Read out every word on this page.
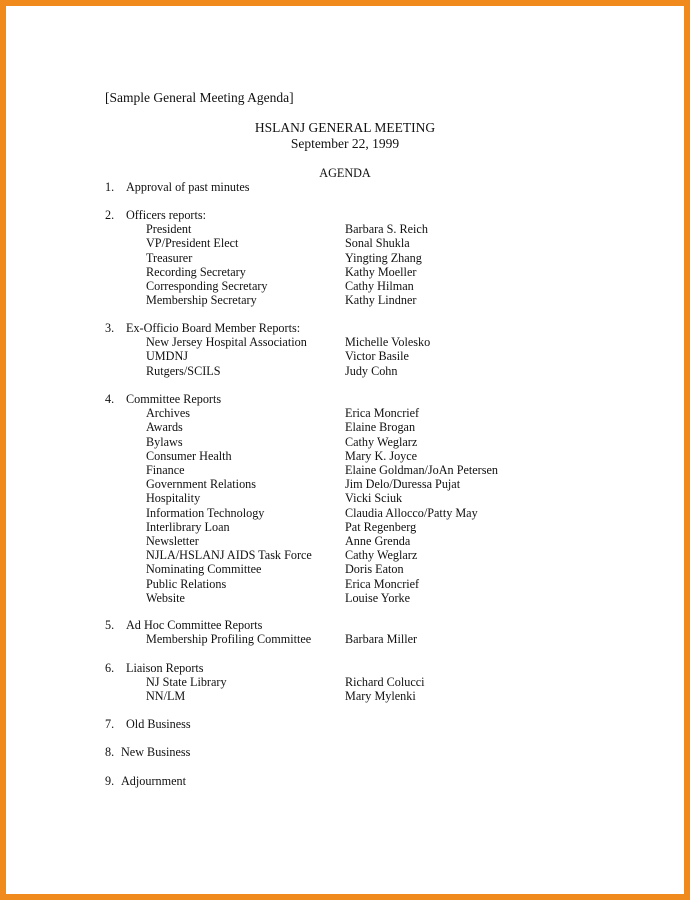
[Sample General Meeting Agenda]
HSLANJ GENERAL MEETING
September 22, 1999
AGENDA
1. Approval of past minutes
2. Officers reports:
President	Barbara S. Reich
VP/President Elect	Sonal Shukla
Treasurer	Yingting Zhang
Recording Secretary	Kathy Moeller
Corresponding Secretary	Cathy Hilman
Membership Secretary	Kathy Lindner
3. Ex-Officio Board Member Reports:
New Jersey Hospital Association	Michelle Volesko
UMDNJ	Victor Basile
Rutgers/SCILS	Judy Cohn
4. Committee Reports
Archives	Erica Moncrief
Awards	Elaine Brogan
Bylaws	Cathy Weglarz
Consumer Health	Mary K. Joyce
Finance	Elaine Goldman/JoAn Petersen
Government Relations	Jim Delo/Duressa Pujat
Hospitality	Vicki Sciuk
Information Technology	Claudia Allocco/Patty May
Interlibrary Loan	Pat Regenberg
Newsletter	Anne Grenda
NJLA/HSLANJ AIDS Task Force	Cathy Weglarz
Nominating Committee	Doris Eaton
Public Relations	Erica Moncrief
Website	Louise Yorke
5. Ad Hoc Committee Reports
Membership Profiling Committee	Barbara Miller
6. Liaison Reports
NJ State Library	Richard Colucci
NN/LM	Mary Mylenki
7. Old Business
8. New Business
9. Adjournment
